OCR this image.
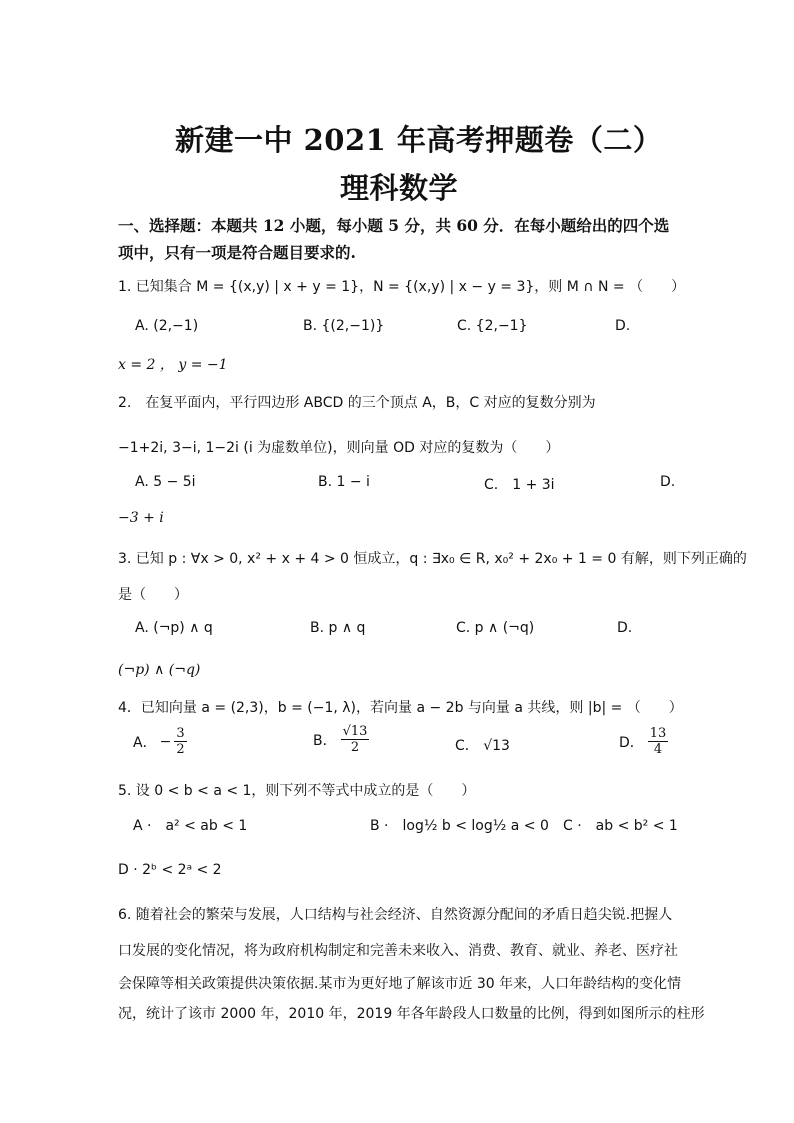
新建一中 2021 年高考押题卷（二）
理科数学
一、选择题：本题共 12 小题，每小题 5 分，共 60 分．在每小题给出的四个选
项中，只有一项是符合题目要求的.
1. 已知集合 M = {(x,y) | x + y = 1}，N = {(x,y) | x − y = 3}，则 M ∩ N = （　　）
A. (2,−1)	B. {(2,−1)}	C. {2,−1}	D.
x = 2 ， y = −1
2.　在复平面内，平行四边形 ABCD 的三个顶点 A，B，C 对应的复数分别为
−1+2i, 3−i, 1−2i (i 为虚数单位)，则向量 OD 对应的复数为（　　）
A. 5 − 5i	B. 1 − i	C.　1 + 3i	D.
−3 + i
3. 已知 p : ∀x > 0, x² + x + 4 > 0 恒成立，q : ∃x₀ ∈ R, x₀² + 2x₀ + 1 = 0 有解，则下列正确的
是（　　）
A. (¬p) ∧ q	B. p ∧ q	C. p ∧ (¬q)	D.
(¬p) ∧ (¬q)
4．已知向量 a = (2,3)，b = (−1, λ)，若向量 a − 2b 与向量 a 共线，则 |b| = （　　）
A． − $\frac{3}{2}$	B． $\frac{√13}{2}$	C． √13	D． $\frac{13}{4}$
5. 设 0 < b < a < 1，则下列不等式中成立的是（　　）
A ·　a² < ab < 1	B ·　log½ b < log½ a < 0 C ·　ab < b² < 1
D · 2ᵇ < 2ᵃ < 2
6. 随着社会的繁荣与发展，人口结构与社会经济、自然资源分配间的矛盾日趋尖锐.把握人
口发展的变化情况，将为政府机构制定和完善未来收入、消费、教育、就业、养老、医疗社
会保障等相关政策提供决策依据.某市为更好地了解该市近 30 年来，人口年龄结构的变化情
况，统计了该市 2000 年，2010 年，2019 年各年龄段人口数量的比例，得到如图所示的柱形
